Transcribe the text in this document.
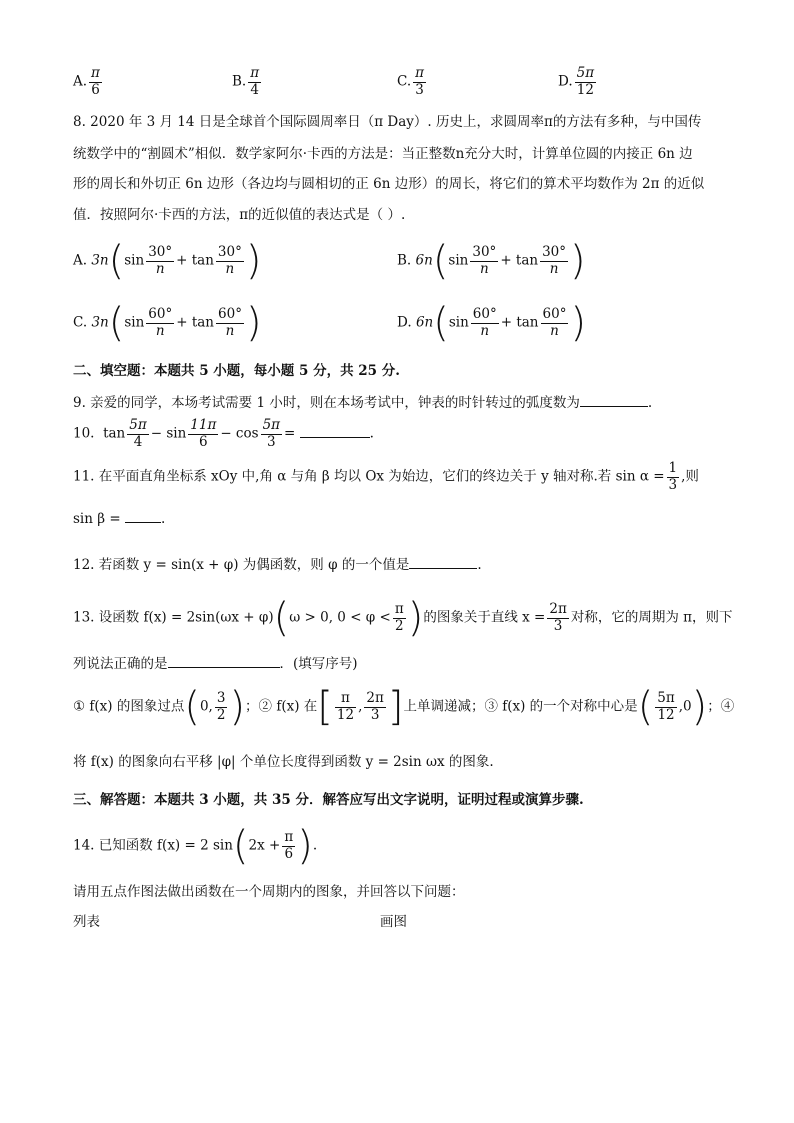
A. $\frac{\pi}{6}$	B. $\frac{\pi}{4}$	C. $\frac{\pi}{3}$	D. $\frac{5\pi}{12}$
8. 2020 年 3 月 14 日是全球首个国际圆周率日（π Day）. 历史上，求圆周率π的方法有多种，与中国传
统数学中的“割圆术”相似．数学家阿尔·卡西的方法是：当正整数n充分大时，计算单位圆的内接正 6n 边
形的周长和外切正 6n 边形（各边均与圆相切的正 6n 边形）的周长，将它们的算术平均数作为 2π 的近似
值．按照阿尔·卡西的方法，π的近似值的表达式是（ ）.
A. $3n(\sin \frac{30^\circ}{n} + \tan \frac{30^\circ}{n}$ )	B. $6n(\sin \frac{30^\circ}{n} + \tan \frac{30^\circ}{n}$ )
C. $3n(\sin \frac{60^\circ}{n} + \tan \frac{60^\circ}{n}$ )	D. $6n(\sin \frac{60^\circ}{n} + \tan \frac{60^\circ}{n}$ )
二、填空题：本题共 5 小题，每小题 5 分，共 25 分.
9. 亲爱的同学，本场考试需要 1 小时，则在本场考试中，钟表的时针转过的弧度数为	.
10. $\tan \frac{5\pi}{4} - \sin \frac{11\pi}{6} - \cos \frac{5\pi}{3}$ =	.
11. 在平面直角坐标系 xOy 中,角 α 与角 β 均以 Ox 为始边，它们的终边关于 y 轴对称.若 $\sin \alpha = \frac{1}{3}$ ,则
sin β =	.
12. 若函数 y = sin(x + φ) 为偶函数，则 φ 的一个值是	.
13. 设函数 f(x) = 2sin(ωx + φ)(ω > 0, $0 < \varphi < \frac{\pi}{2}$ )的图象关于直线 $x = \frac{2\pi}{3}$ 对称，它的周期为 π，则下
列说法正确的是	．(填写序号)
① f(x) 的图象过点(0, $\frac{3}{2}$ )；② f(x) 在[ $\frac{\pi}{12}$ , $\frac{2\pi}{3}$ ]上单调递减；③ f(x) 的一个对称中心是( $\frac{5\pi}{12} ,0$)；④
将 f(x) 的图象向右平移 |φ| 个单位长度得到函数 y = 2sin ωx 的图象.
三、解答题：本题共 3 小题，共 35 分．解答应写出文字说明，证明过程或演算步骤.
14. 已知函数 f(x) = 2 $\sin(2x + \frac{\pi}{6}$ ).
请用五点作图法做出函数在一个周期内的图象，并回答以下问题：
列表	画图
